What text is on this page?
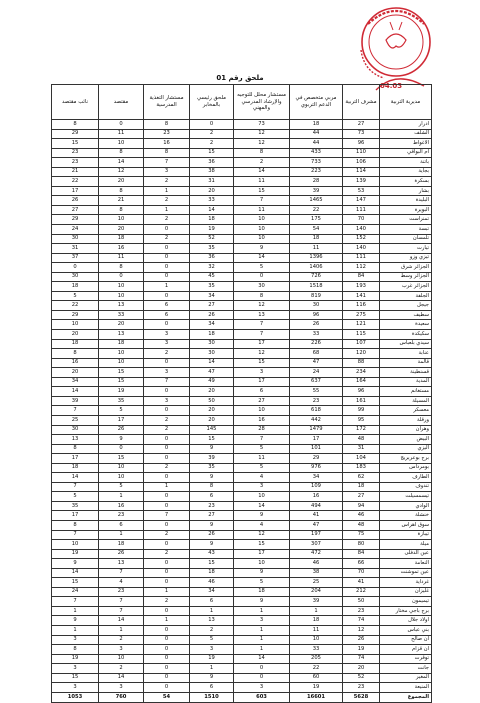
04.03
ملحق رقم 01
مديرية التربية	مشرف التربية	مربي متخصص في الدعم التربوي	مستشار محلل للتوجيه والإرشاد المدرسي والمهني	ملحق رئيسي بالمخابر	مستشار التغذية المدرسية	مقتصد	نائب مقتصد
ادرار	27	18	73	0	8	0	8
الشلف	73	44	12	2	23	11	29
الاغواط	96	44	12	2	16	10	15
ام البواقي	110	433	8	15	8	8	23
باتنة	106	733	2	36	7	14	23
بجاية	114	223	14	38	3	12	21
بسكرة	139	28	11	31	2	20	22
بشار	53	39	15	20	1	8	17
البليدة	147	1465	7	33	2	21	26
البويرة	111	22	11	14	1	8	27
تمنراست	70	175	10	18	2	10	29
تبسة	140	54	10	19	0	20	24
تلمسان	152	18	10	52	2	18	30
تيارت	140	11	9	35	0	16	31
تيزي وزو	111	1396	14	36	0	11	37
الجزائر شرق	112	1406	5	32	0	8	0
الجزائر وسط	84	726	0	45	0	0	30
الجزائر غرب	193	1518	30	35	1	10	18
الجلفة	141	819	8	34	0	10	5
جيجل	116	30	12	27	6	13	22
سطيف	275	96	13	26	6	33	29
سعيدة	121	26	7	34	0	20	10
سكيكدة	115	33	7	18	3	13	20
سيدي بلعباس	107	226	17	30	3	18	18
عنابة	120	68	12	30	2	10	8
قالمة	88	47	15	14	0	10	16
قسنطينة	234	24	3	47	3	15	20
المدية	164	637	17	49	7	15	34
مستغانم	96	55	6	20	0	19	14
المسيلة	161	23	27	50	3	35	39
معسكر	99	618	10	20	0	5	7
ورقلة	95	442	16	20	2	17	25
وهران	172	1479	28	145	2	26	30
البيض	48	17	7	15	0	9	13
اليزي	31	101	5	9	0	0	8
برج بوعريريج	104	29	11	39	0	15	17
بومرداس	183	976	5	35	2	10	18
الطارف	62	34	4	9	0	10	14
تندوف	18	109	3	8	1	5	7
تيسمسيلت	27	16	10	6	0	1	5
الوادي	94	494	14	23	0	16	35
خنشلة	46	41	9	27	7	23	17
سوق اهراس	48	47	4	9	0	6	8
تيبازة	75	197	12	26	2	1	7
ميلة	80	307	15	9	0	18	10
عين الدفلى	84	472	17	43	2	26	19
النعامة	66	46	10	15	0	13	9
عين تموشنت	70	38	9	18	0	7	14
غرداية	41	25	5	46	0	4	15
غليزان	212	204	18	34	1	23	24
تيميمون	50	39	9	6	2	7	7
برج باجي مختار	23	1	1	1	0	7	1
اولاد جلال	74	18	3	13	1	14	9
بني عباس	12	11	1	2	0	1	1
ان صالح	26	10	1	5	0	2	3
ان قزام	19	33	1	3	0	3	8
توقرت	74	205	14	19	0	10	19
جانت	20	22	0	1	0	2	3
المغير	52	60	0	9	0	14	15
المنيعة	23	19	3	6	0	3	3
المجموع	5628	16601	603	1510	54	760	1053
